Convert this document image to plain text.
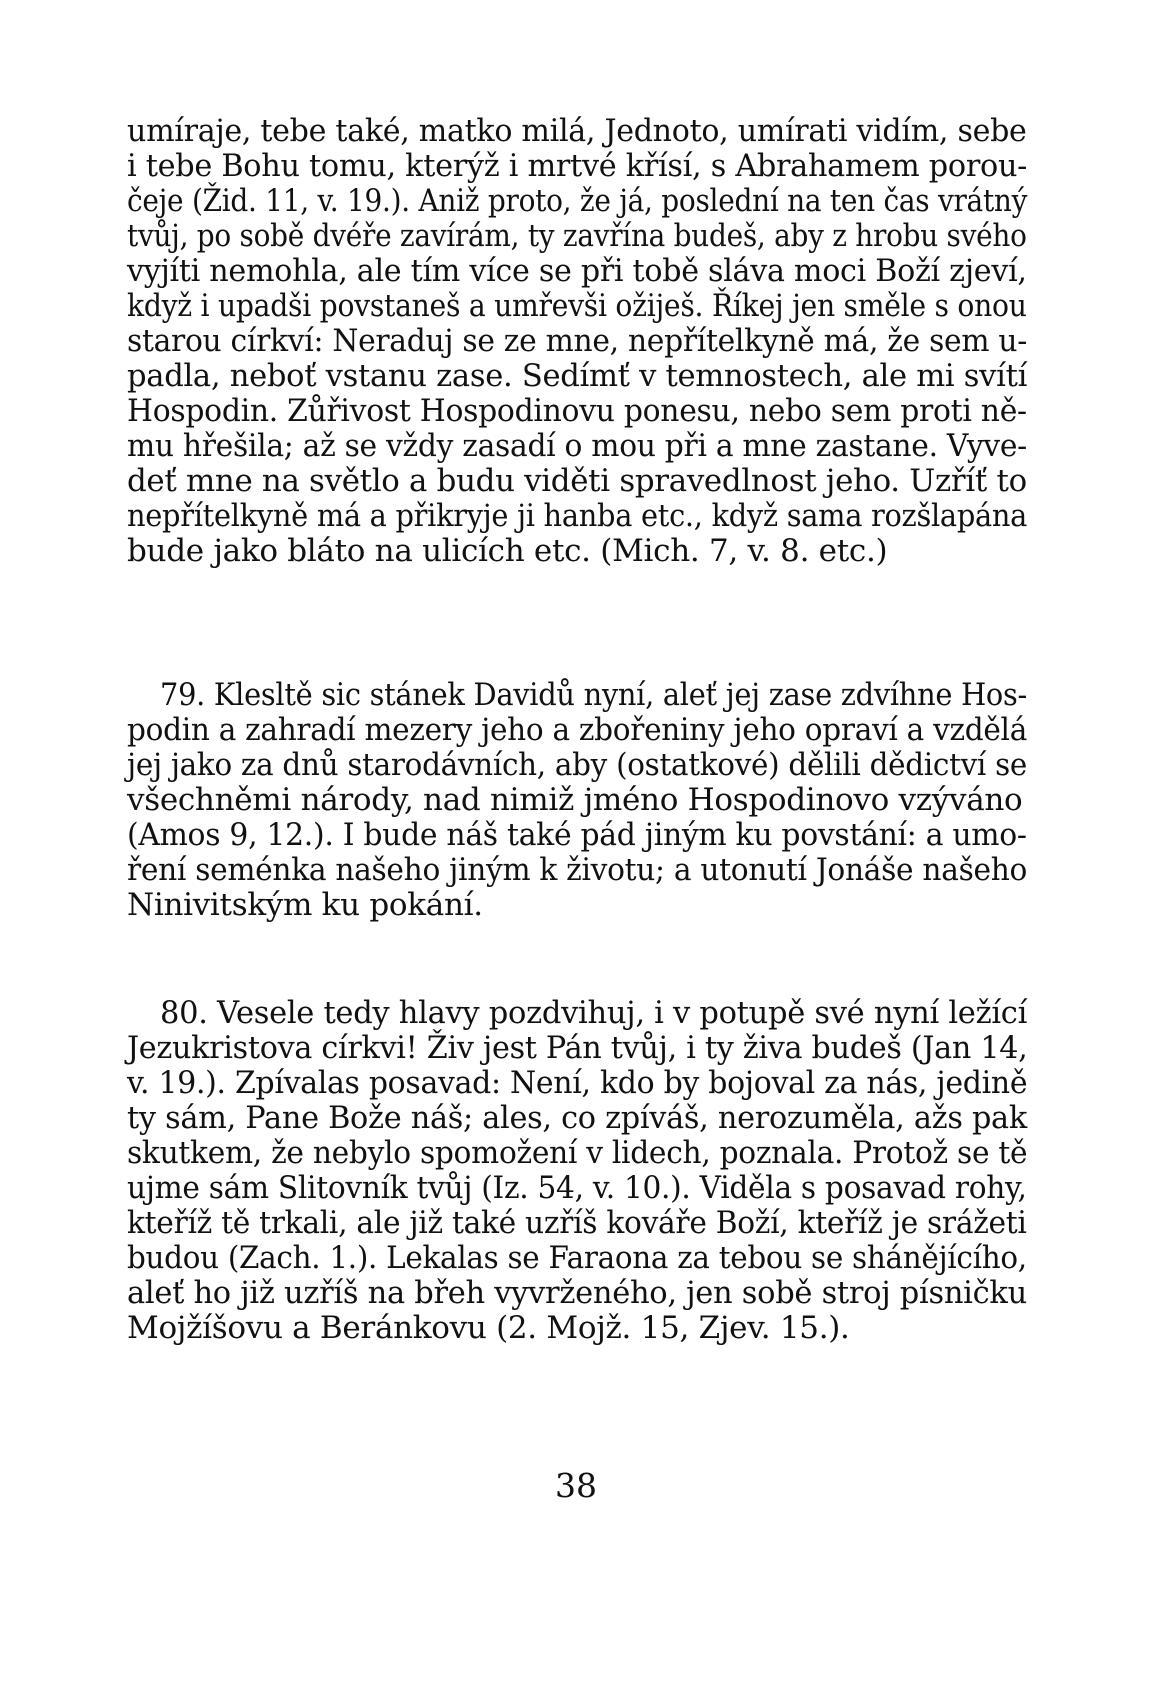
umíraje, tebe také, matko milá, Jednoto, umírati vidím, sebe
i tebe Bohu tomu, kterýž i mrtvé křísí, s Abrahamem porou-
čeje (Žid. 11, v. 19.). Aniž proto, že já, poslední na ten čas vrátný
tvůj, po sobě dvéře zavírám, ty zavřína budeš, aby z hrobu svého
vyjíti nemohla, ale tím více se při tobě sláva moci Boží zjeví,
když i upadši povstaneš a umřevši ožiješ. Říkej jen směle s onou
starou církví: Neraduj se ze mne, nepřítelkyně má, že sem u-
padla, neboť vstanu zase. Sedímť v temnostech, ale mi svítí
Hospodin. Zůřivost Hospodinovu ponesu, nebo sem proti ně-
mu hřešila; až se vždy zasadí o mou při a mne zastane. Vyve-
deť mne na světlo a budu viděti spravedlnost jeho. Uzříť to
nepřítelkyně má a přikryje ji hanba etc., když sama rozšlapána
bude jako bláto na ulicích etc. (Mich. 7, v. 8. etc.)
79. Klesltě sic stánek Davidů nyní, aleť jej zase zdvíhne Hos-
podin a zahradí mezery jeho a zbořeniny jeho opraví a vzdělá
jej jako za dnů starodávních, aby (ostatkové) dělili dědictví se
všechněmi národy, nad nimiž jméno Hospodinovo vzýváno
(Amos 9, 12.). I bude náš také pád jiným ku povstání: a umo-
ření seménka našeho jiným k životu; a utonutí Jonáše našeho
Ninivitským ku pokání.
80. Vesele tedy hlavy pozdvihuj, i v potupě své nyní ležící
Jezukristova církvi! Živ jest Pán tvůj, i ty živa budeš (Jan 14,
v. 19.). Zpívalas posavad: Není, kdo by bojoval za nás, jedině
ty sám, Pane Bože náš; ales, co zpíváš, nerozuměla, ažs pak
skutkem, že nebylo spomožení v lidech, poznala. Protož se tě
ujme sám Slitovník tvůj (Iz. 54, v. 10.). Viděla s posavad rohy,
kteříž tě trkali, ale již také uzříš kováře Boží, kteříž je srážeti
budou (Zach. 1.). Lekalas se Faraona za tebou se shánějícího,
aleť ho již uzříš na břeh vyvrženého, jen sobě stroj písničku
Mojžíšovu a Beránkovu (2. Mojž. 15, Zjev. 15.).
38
